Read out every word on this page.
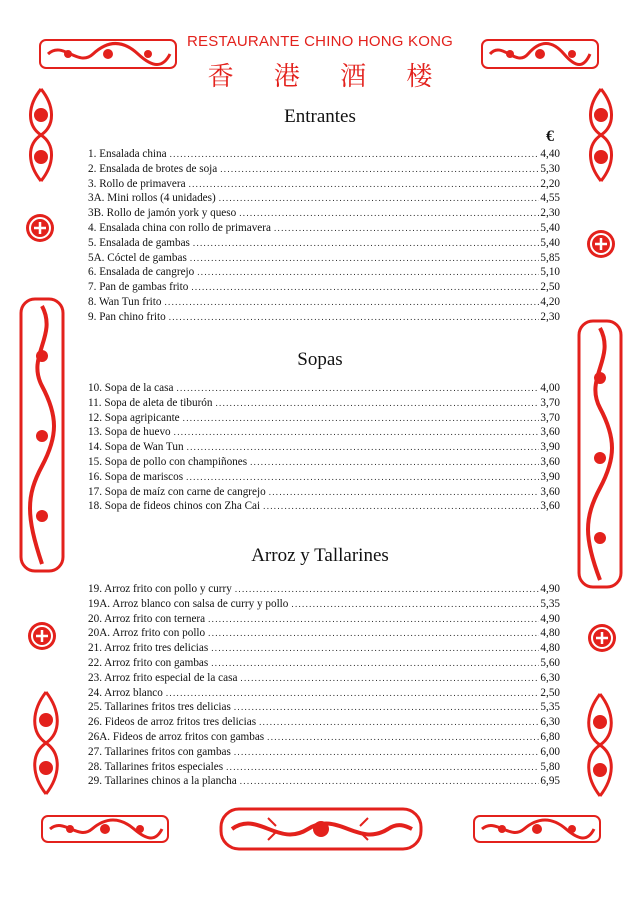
RESTAURANTE CHINO HONG KONG
香 港 酒 楼
Entrantes
€
1. Ensalada china .....	4,40
2. Ensalada de brotes de soja .....	5,30
3. Rollo de primavera .....	2,20
3A. Mini rollos (4 unidades) .....	4,55
3B. Rollo de jamón york y queso .....	2,30
4. Ensalada china con rollo de primavera .....	5,40
5. Ensalada de gambas .....	5,40
5A. Cóctel de gambas .....	5,85
6. Ensalada de cangrejo .....	5,10
7. Pan de gambas frito .....	2,50
8. Wan Tun frito .....	4,20
9. Pan chino frito .....	2,30
Sopas
10. Sopa de la casa .....	4,00
11. Sopa de aleta de tiburón .....	3,70
12. Sopa agripicante .....	3,70
13. Sopa de huevo .....	3,60
14. Sopa de Wan Tun .....	3,90
15. Sopa de pollo con champiñones .....	3,60
16. Sopa de mariscos .....	3,90
17. Sopa de maíz con carne de cangrejo .....	3,60
18. Sopa de fideos chinos con Zha Cai .....	3,60
Arroz y Tallarines
19. Arroz frito con pollo y curry .....	4,90
19A. Arroz blanco con salsa de curry y pollo .....	5,35
20. Arroz frito con ternera .....	4,90
20A. Arroz frito con pollo .....	4,80
21. Arroz frito tres delicias .....	4,80
22. Arroz frito con gambas .....	5,60
23. Arroz frito especial de la casa .....	6,30
24. Arroz blanco .....	2,50
25. Tallarines fritos tres delicias .....	5,35
26. Fideos de arroz fritos tres delicias .....	6,30
26A. Fideos de arroz fritos con gambas .....	6,80
27. Tallarines fritos con gambas .....	6,00
28. Tallarines fritos especiales .....	5,80
29. Tallarines chinos a la plancha .....	6,95
